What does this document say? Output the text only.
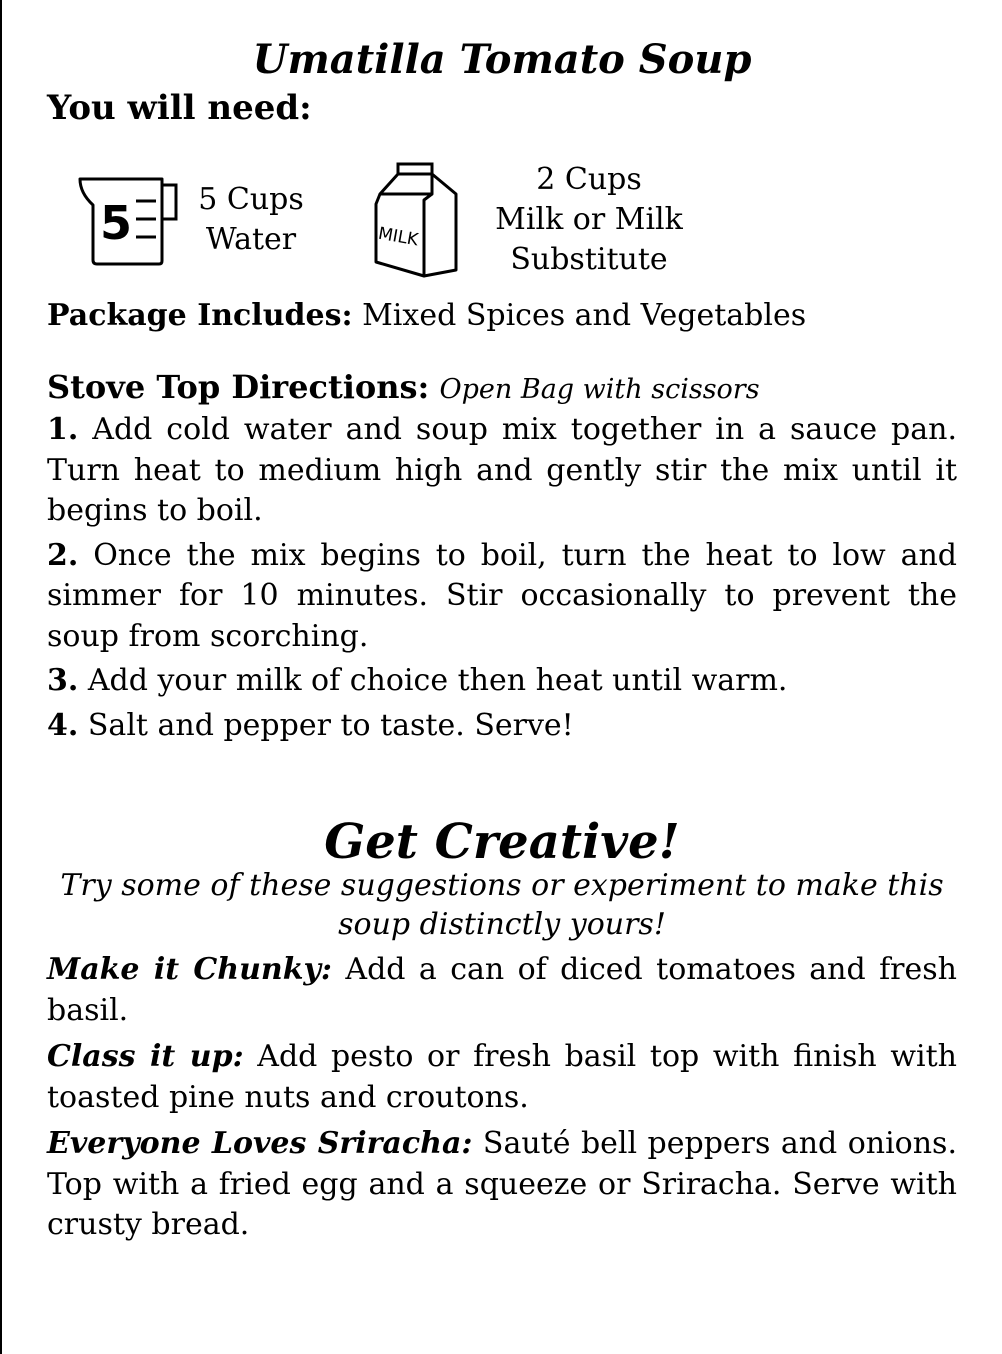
Umatilla Tomato Soup
You will need:
5	5 Cups
Water	MILK
2 Cups
Milk or Milk
Substitute
Package Includes: Mixed Spices and Vegetables
Stove Top Directions: Open Bag with scissors

1. Add cold water and soup mix together in a sauce pan. Turn heat to medium high and gently stir the mix until it begins to boil.

2. Once the mix begins to boil, turn the heat to low and simmer for 10 minutes. Stir occasionally to prevent the soup from scorching.

3. Add your milk of choice then heat until warm.

4. Salt and pepper to taste. Serve!

Get Creative!
Try some of these suggestions or experiment to make this soup distinctly yours!

Make it Chunky: Add a can of diced tomatoes and fresh basil.

Class it up: Add pesto or fresh basil top with finish with toasted pine nuts and croutons.

Everyone Loves Sriracha: Sauté bell peppers and onions. Top with a fried egg and a squeeze or Sriracha. Serve with crusty bread.
